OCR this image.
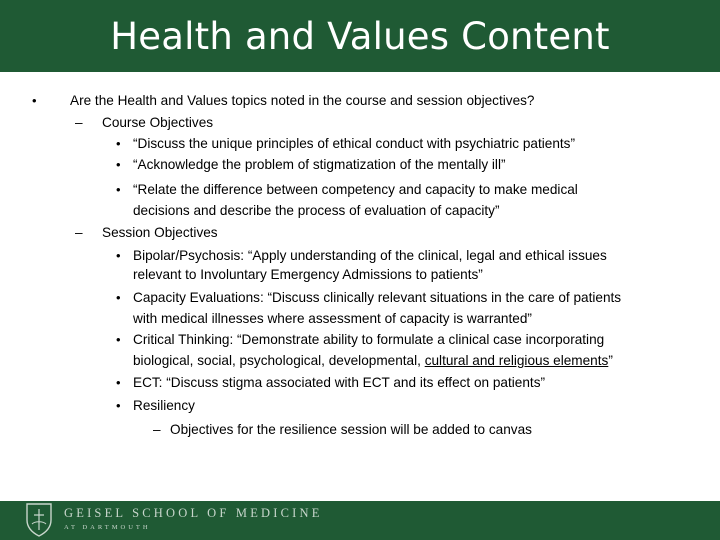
Health and Values Content
• Are the Health and Values topics noted in the course and session objectives?
– Course Objectives
• “Discuss the unique principles of ethical conduct with psychiatric patients”
• “Acknowledge the problem of stigmatization of the mentally ill”
• “Relate the difference between competency and capacity to make medical
decisions and describe the process of evaluation of capacity”
– Session Objectives
• Bipolar/Psychosis: “Apply understanding of the clinical, legal and ethical issues
relevant to Involuntary Emergency Admissions to patients”
• Capacity Evaluations: “Discuss clinically relevant situations in the care of patients
with medical illnesses where assessment of capacity is warranted”
• Critical Thinking: “Demonstrate ability to formulate a clinical case incorporating
biological, social, psychological, developmental, cultural and religious elements”
• ECT: “Discuss stigma associated with ECT and its effect on patients”
• Resiliency
– Objectives for the resilience session will be added to canvas
GEISEL SCHOOL OF MEDICINE
AT DARTMOUTH
